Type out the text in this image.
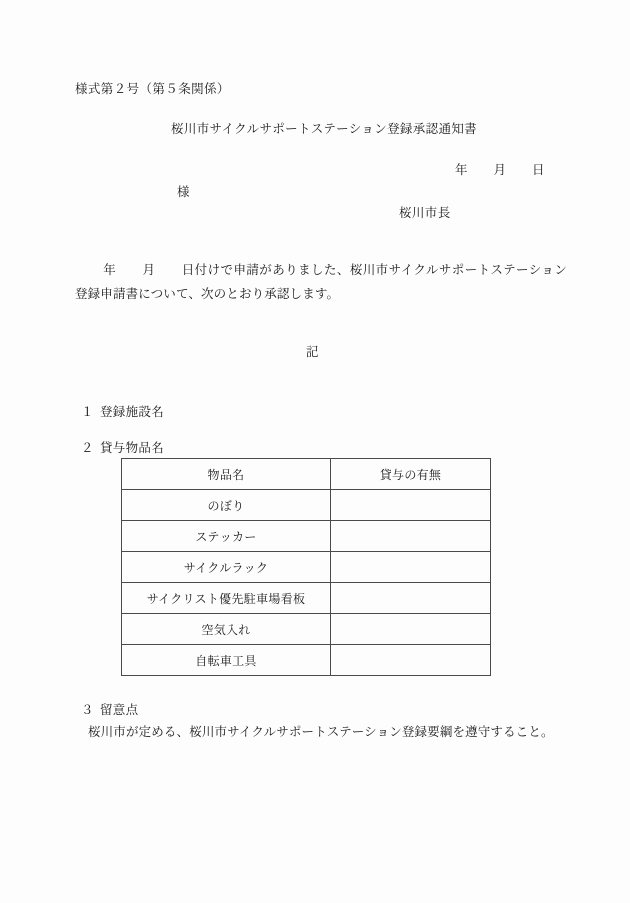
様式第２号（第５条関係）
桜川市サイクルサポートステーション登録承認通知書
年 月 日
様
桜川市長
年 月 日付けで申請がありました、桜川市サイクルサポートステーション登録申請書について、次のとおり承認します。
記
１ 登録施設名
２ 貸与物品名
物品名	貸与の有無
のぼり	
ステッカー	
サイクルラック	
サイクリスト優先駐車場看板	
空気入れ	
自転車工具	
３ 留意点
桜川市が定める、桜川市サイクルサポートステーション登録要綱を遵守すること。
